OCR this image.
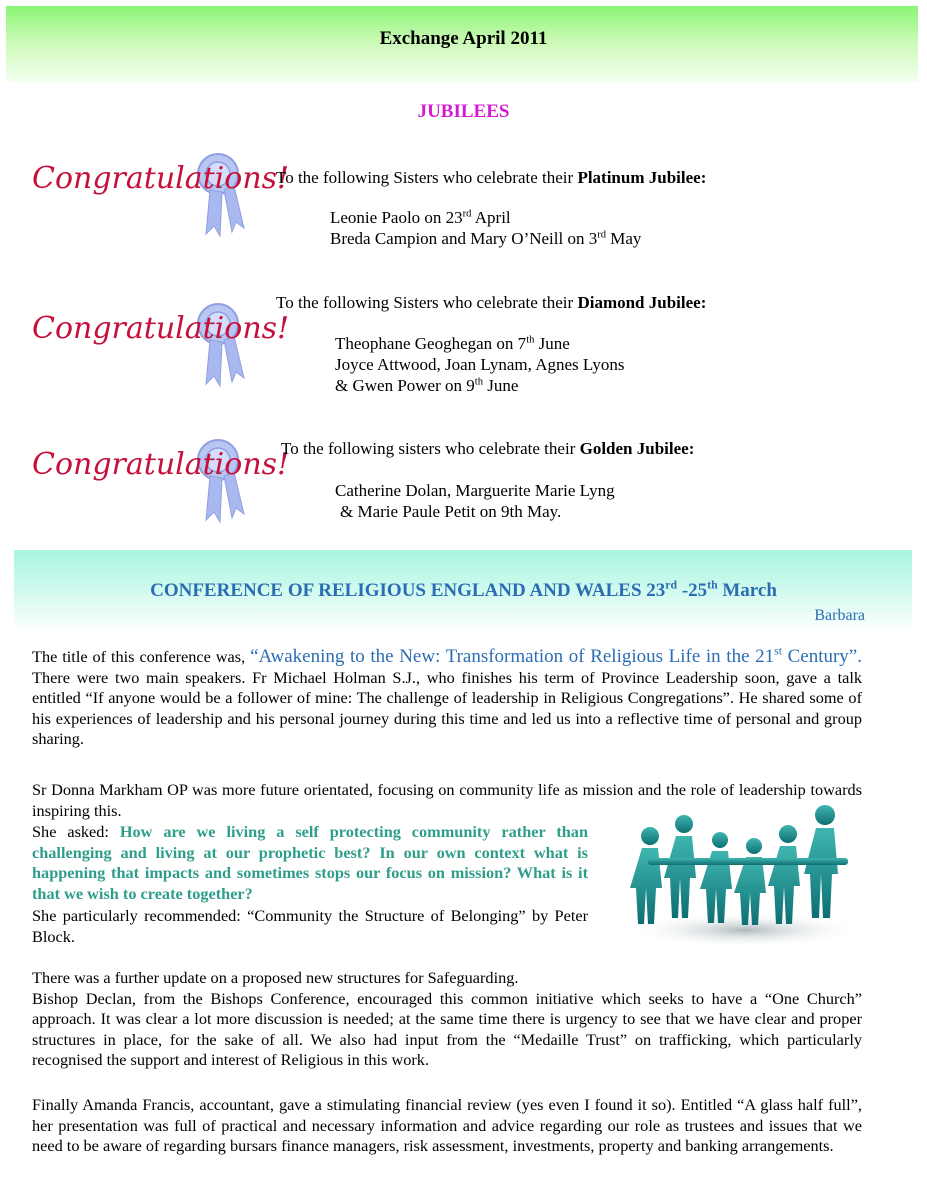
Exchange April 2011
JUBILEES
Congratulations!
Congratulations!
Congratulations!
To the following Sisters who celebrate their Platinum Jubilee:
Leonie Paolo on 23rd April
Breda Campion and Mary O’Neill on 3rd May
To the following Sisters who celebrate their Diamond Jubilee:
Theophane Geoghegan on 7th June
Joyce Attwood, Joan Lynam, Agnes Lyons
& Gwen Power on 9th June
To the following sisters who celebrate their Golden Jubilee:
Catherine Dolan, Marguerite Marie Lyng
& Marie Paule Petit on 9th May.
CONFERENCE OF RELIGIOUS ENGLAND AND WALES 23rd -25th March
Barbara
The title of this conference was, “Awakening to the New: Transformation of Religious Life in the 21st Century”. There were two main speakers. Fr Michael Holman S.J., who finishes his term of Province Leadership soon, gave a talk entitled “If anyone would be a follower of mine: The challenge of leadership in Religious Congregations”. He shared some of his experiences of leadership and his personal journey during this time and led us into a reflective time of personal and group sharing.
Sr Donna Markham OP was more future orientated, focusing on community life as mission and the role of leadership towards inspiring this.
She asked: How are we living a self protecting community rather than challenging and living at our prophetic best? In our own context what is happening that impacts and sometimes stops our focus on mission? What is it that we wish to create together?
She particularly recommended: “Community the Structure of Belonging” by Peter Block.
There was a further update on a proposed new structures for Safeguarding.
Bishop Declan, from the Bishops Conference, encouraged this common initiative which seeks to have a “One Church” approach. It was clear a lot more discussion is needed; at the same time there is urgency to see that we have clear and proper structures in place, for the sake of all. We also had input from the “Medaille Trust” on trafficking, which particularly recognised the support and interest of Religious in this work.
Finally Amanda Francis, accountant, gave a stimulating financial review (yes even I found it so). Entitled “A glass half full”, her presentation was full of practical and necessary information and advice regarding our role as trustees and issues that we need to be aware of regarding bursars finance managers, risk assessment, investments, property and banking arrangements.
